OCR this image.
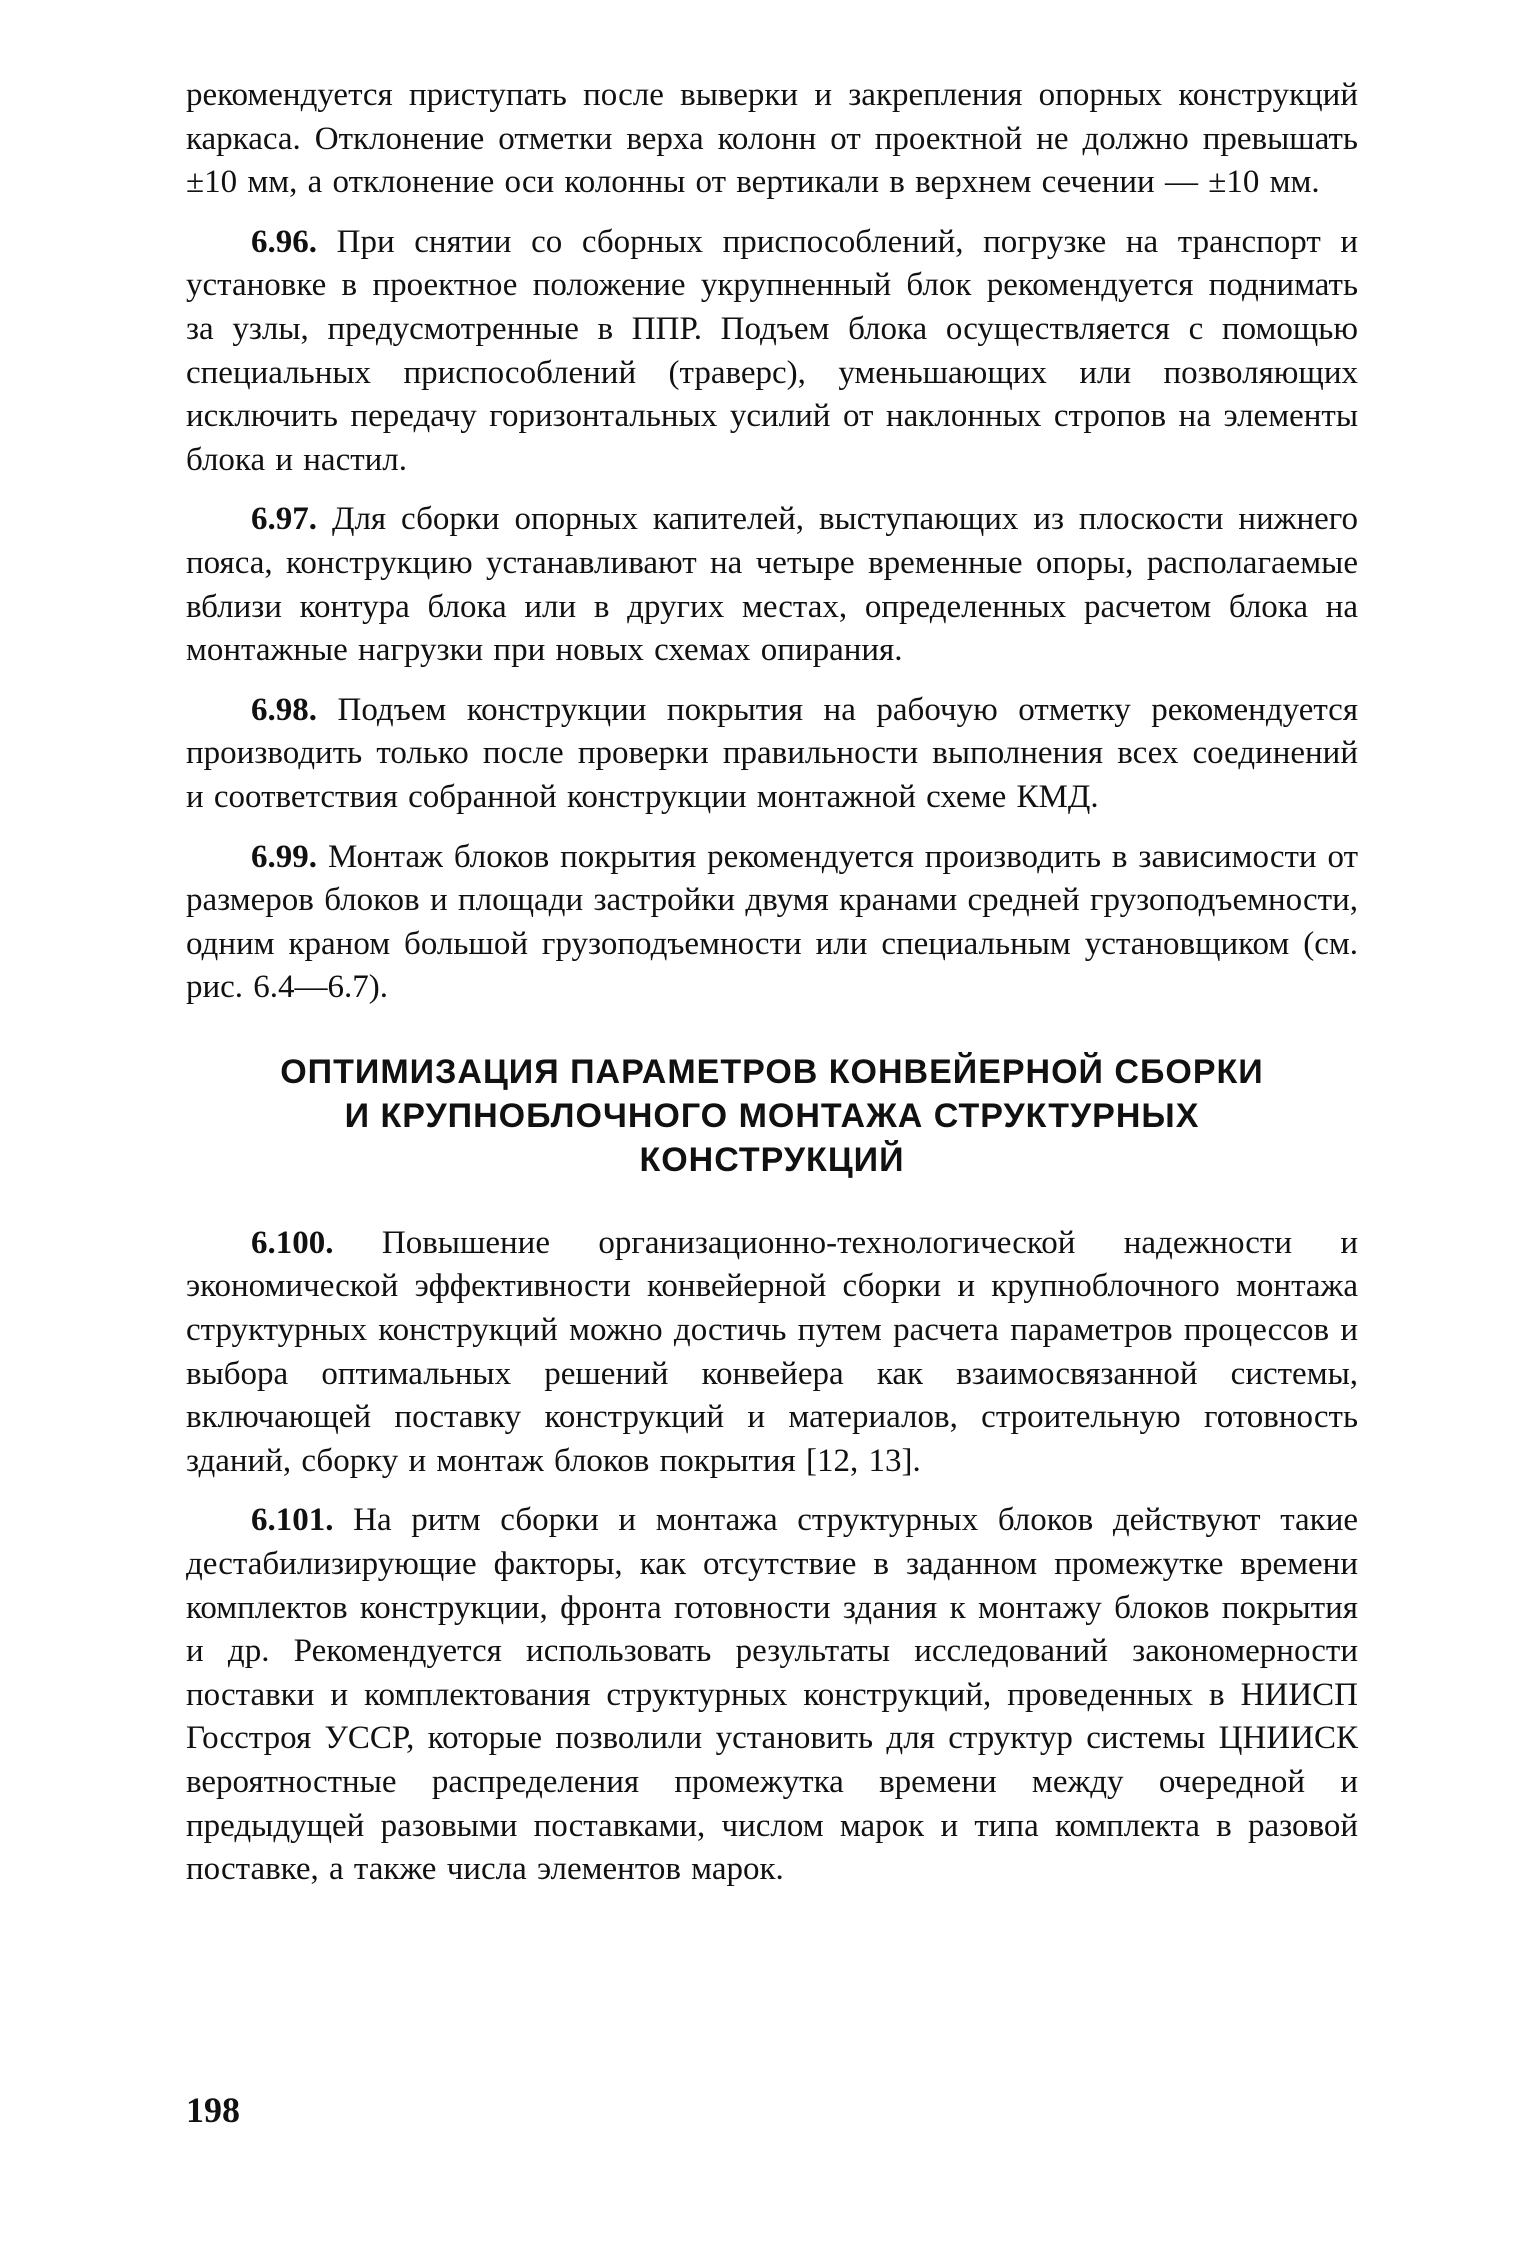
рекомендуется приступать после выверки и закрепления опорных конструкций каркаса. Отклонение отметки верха колонн от проектной не должно превышать ±10 мм, а отклонение оси колонны от вертикали в верхнем сечении — ±10 мм.

6.96. При снятии со сборных приспособлений, погрузке на транспорт и установке в проектное положение укрупненный блок рекомендуется поднимать за узлы, предусмотренные в ППР. Подъем блока осуществляется с помощью специальных приспособлений (траверс), уменьшающих или позволяющих исключить передачу горизонтальных усилий от наклонных стропов на элементы блока и настил.

6.97. Для сборки опорных капителей, выступающих из плоскости нижнего пояса, конструкцию устанавливают на четыре временные опоры, располагаемые вблизи контура блока или в других местах, определенных расчетом блока на монтажные нагрузки при новых схемах опирания.

6.98. Подъем конструкции покрытия на рабочую отметку рекомендуется производить только после проверки правильности выполнения всех соединений и соответствия собранной конструкции монтажной схеме КМД.

6.99. Монтаж блоков покрытия рекомендуется производить в зависимости от размеров блоков и площади застройки двумя кранами средней грузоподъемности, одним краном большой грузоподъемности или специальным установщиком (см. рис. 6.4—6.7).

ОПТИМИЗАЦИЯ ПАРАМЕТРОВ КОНВЕЙЕРНОЙ СБОРКИ
И КРУПНОБЛОЧНОГО МОНТАЖА СТРУКТУРНЫХ
КОНСТРУКЦИЙ

6.100. Повышение организационно-технологической надежности и экономической эффективности конвейерной сборки и крупноблочного монтажа структурных конструкций можно достичь путем расчета параметров процессов и выбора оптимальных решений конвейера как взаимосвязанной системы, включающей поставку конструкций и материалов, строительную готовность зданий, сборку и монтаж блоков покрытия [12, 13].

6.101. На ритм сборки и монтажа структурных блоков действуют такие дестабилизирующие факторы, как отсутствие в заданном промежутке времени комплектов конструкции, фронта готовности здания к монтажу блоков покрытия и др. Рекомендуется использовать результаты исследований закономерности поставки и комплектования структурных конструкций, проведенных в НИИСП Госстроя УССР, которые позволили установить для структур системы ЦНИИСК вероятностные распределения промежутка времени между очередной и предыдущей разовыми поставками, числом марок и типа комплекта в разовой поставке, а также числа элементов марок.

198
